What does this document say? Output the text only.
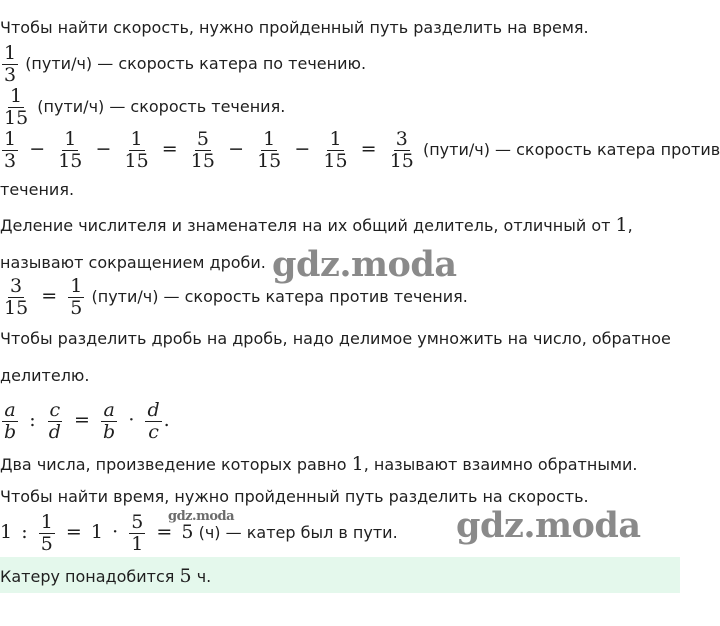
Чтобы найти скорость, нужно пройденный путь разделить на время.
$\frac{1}{3}$ (пути/ч) — скорость катера по течению.
$\frac{1}{15}$ (пути/ч) — скорость течения.
$\frac{1}{3} - \frac{1}{15} - \frac{1}{15} = \frac{5}{15} - \frac{1}{15} - \frac{1}{15} = \frac{3}{15}$ (пути/ч) — скорость катера против
течения.
Деление числителя и знаменателя на их общий делитель, отличный от 1,
называют сокращением дроби. gdz.moda
$\frac{3}{15} = \frac{1}{5}$ (пути/ч) — скорость катера против течения.
Чтобы разделить дробь на дробь, надо делимое умножить на число, обратное
делителю.
$\frac{a}{b}$ : $\frac{c}{d} = \frac{a}{b} \cdot \frac{d}{c}$ .
Два числа, произведение которых равно 1, называют взаимно обратными.
Чтобы найти время, нужно пройденный путь разделить на скорость.
gdz.moda
1 : $\frac{1}{5} = 1 \cdot \frac{5}{1} = 5$ (ч) — катер был в пути. gdz.moda
Катеру понадобится 5 ч.
